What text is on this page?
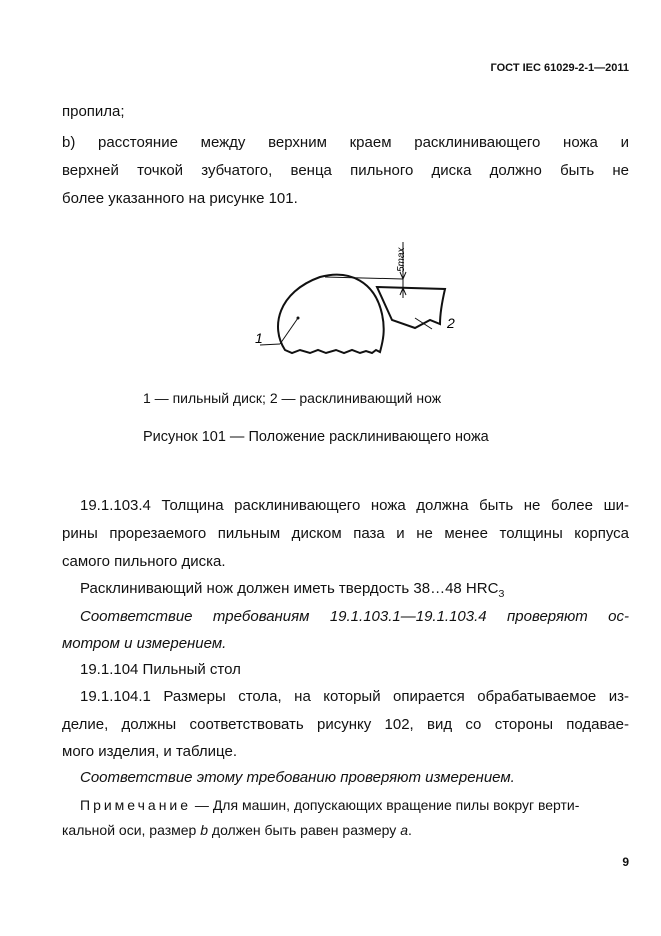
ГОСТ IEC 61029-2-1—2011

пропила;

b) расстояние между верхним краем расклинивающего ножа и

верхней точкой зубчатого, венца пильного диска должно быть не

более указанного на рисунке 101.

5max
1
2
1 — пильный диск; 2 — расклинивающий нож
Рисунок 101 — Положение расклинивающего ножа

19.1.103.4 Толщина расклинивающего ножа должна быть не более ши-

рины прорезаемого пильным диском паза и не менее толщины корпуса

самого пильного диска.

Расклинивающий нож должен иметь твердость 38…48 $HRC_З$

Соответствие требованиям 19.1.103.1—19.1.103.4 проверяют ос-

мотром и измерением.

19.1.104 Пильный стол

19.1.104.1 Размеры стола, на который опирается обрабатываемое из-

делие, должны соответствовать рисунку 102, вид со стороны подавае-

мого изделия, и таблице.

Соответствие этому требованию проверяют измерением.

Примечание — Для машин, допускающих вращение пилы вокруг верти-

кальной оси, размер b должен быть равен размеру a.

9
